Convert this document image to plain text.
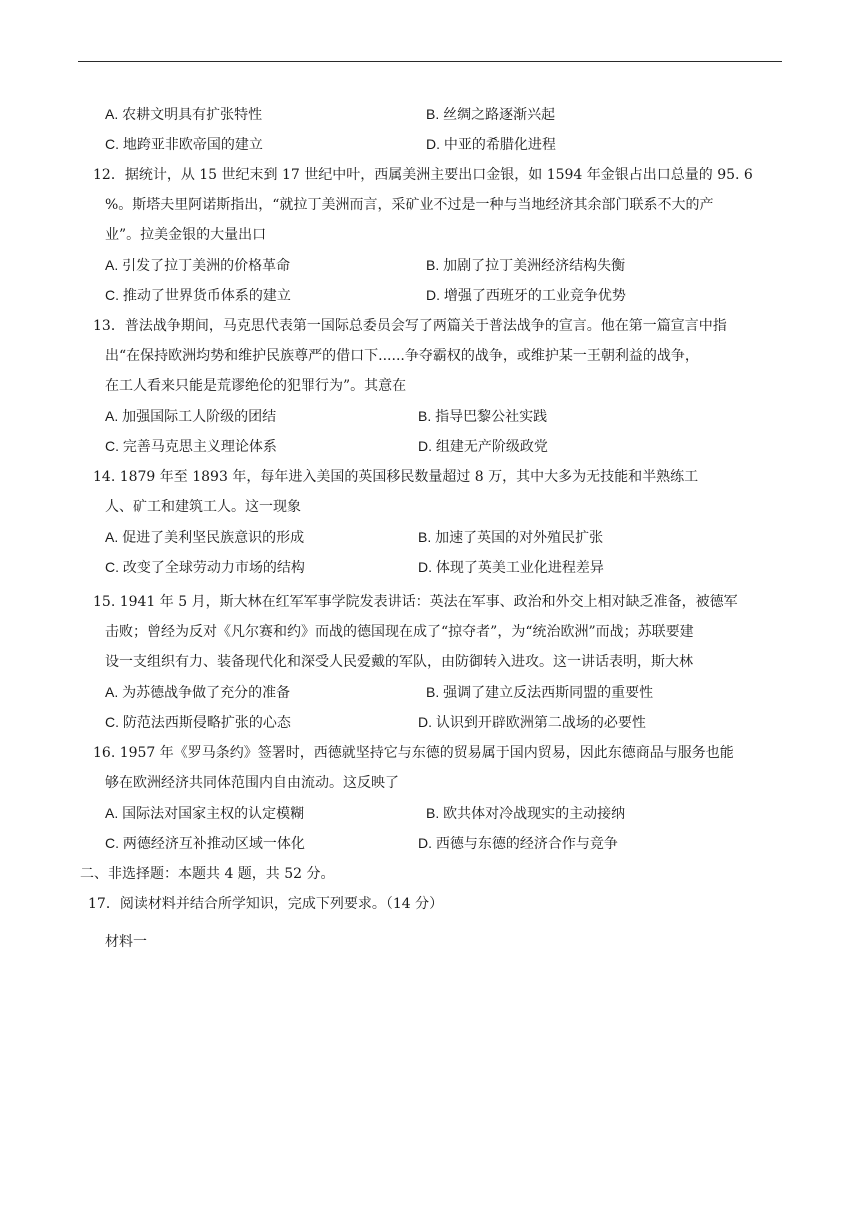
A . 农耕文明具有扩张特性	B . 丝绸之路逐渐兴起
C . 地跨亚非欧帝国的建立	D . 中亚的希腊化进程
12．据统计，从 15 世纪末到 17 世纪中叶，西属美洲主要出口金银，如 1594 年金银占出口总量的 95. 6
%。斯塔夫里阿诺斯指出，“就拉丁美洲而言，采矿业不过是一种与当地经济其余部门联系不大的产
业”。拉美金银的大量出口
A . 引发了拉丁美洲的价格革命	B . 加剧了拉丁美洲经济结构失衡
C . 推动了世界货币体系的建立	D . 增强了西班牙的工业竞争优势
13．普法战争期间，马克思代表第一国际总委员会写了两篇关于普法战争的宣言。他在第一篇宣言中指
出“在保持欧洲均势和维护民族尊严的借口下......争夺霸权的战争，或维护某一王朝利益的战争，
在工人看来只能是荒谬绝伦的犯罪行为”。其意在
A . 加强国际工人阶级的团结	B . 指导巴黎公社实践
C . 完善马克思主义理论体系	D . 组建无产阶级政党
14. 1879 年至 1893 年，每年进入美国的英国移民数量超过 8 万，其中大多为无技能和半熟练工
人、矿工和建筑工人。这一现象
A . 促进了美利坚民族意识的形成	B . 加速了英国的对外殖民扩张
C . 改变了全球劳动力市场的结构	D . 体现了英美工业化进程差异
15. 1941 年 5 月，斯大林在红军军事学院发表讲话：英法在军事、政治和外交上相对缺乏准备，被德军
击败；曾经为反对《凡尔赛和约》而战的德国现在成了“掠夺者”，为“统治欧洲”而战；苏联要建
设一支组织有力、装备现代化和深受人民爱戴的军队，由防御转入进攻。这一讲话表明，斯大林
A . 为苏德战争做了充分的准备	B . 强调了建立反法西斯同盟的重要性
C . 防范法西斯侵略扩张的心态	D . 认识到开辟欧洲第二战场的必要性
16. 1957 年《罗马条约》签署时，西德就坚持它与东德的贸易属于国内贸易，因此东德商品与服务也能
够在欧洲经济共同体范围内自由流动。这反映了
A . 国际法对国家主权的认定模糊	B . 欧共体对冷战现实的主动接纳
C . 两德经济互补推动区域一体化	D . 西德与东德的经济合作与竞争
二、非选择题：本题共 4 题，共 52 分。
17．阅读材料并结合所学知识，完成下列要求。（14 分）
材料一
